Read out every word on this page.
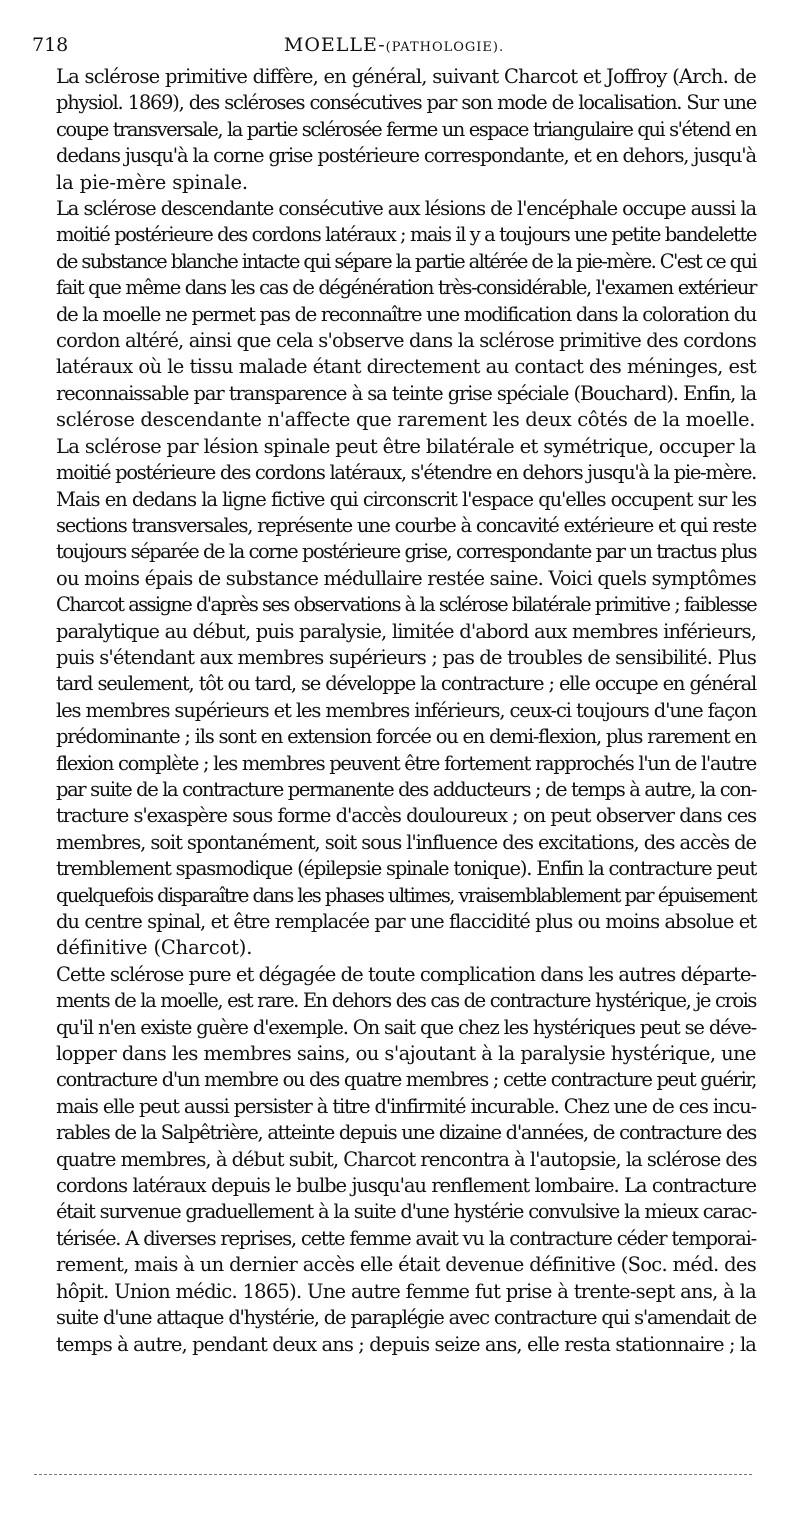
718	MOELLE-(PATHOLOGIE).
La sclérose primitive diffère, en général, suivant Charcot et Joffroy (Arch. de
physiol. 1869), des scléroses consécutives par son mode de localisation. Sur une
coupe transversale, la partie sclérosée ferme un espace triangulaire qui s'étend en
dedans jusqu'à la corne grise postérieure correspondante, et en dehors, jusqu'à
la pie-mère spinale.
La sclérose descendante consécutive aux lésions de l'encéphale occupe aussi la
moitié postérieure des cordons latéraux ; mais il y a toujours une petite bandelette
de substance blanche intacte qui sépare la partie altérée de la pie-mère. C'est ce qui
fait que même dans les cas de dégénération très-considérable, l'examen extérieur
de la moelle ne permet pas de reconnaître une modification dans la coloration du
cordon altéré, ainsi que cela s'observe dans la sclérose primitive des cordons
latéraux où le tissu malade étant directement au contact des méninges, est
reconnaissable par transparence à sa teinte grise spéciale (Bouchard). Enfin, la
sclérose descendante n'affecte que rarement les deux côtés de la moelle.
La sclérose par lésion spinale peut être bilatérale et symétrique, occuper la
moitié postérieure des cordons latéraux, s'étendre en dehors jusqu'à la pie-mère.
Mais en dedans la ligne fictive qui circonscrit l'espace qu'elles occupent sur les
sections transversales, représente une courbe à concavité extérieure et qui reste
toujours séparée de la corne postérieure grise, correspondante par un tractus plus
ou moins épais de substance médullaire restée saine. Voici quels symptômes
Charcot assigne d'après ses observations à la sclérose bilatérale primitive ; faiblesse
paralytique au début, puis paralysie, limitée d'abord aux membres inférieurs,
puis s'étendant aux membres supérieurs ; pas de troubles de sensibilité. Plus
tard seulement, tôt ou tard, se développe la contracture ; elle occupe en général
les membres supérieurs et les membres inférieurs, ceux-ci toujours d'une façon
prédominante ; ils sont en extension forcée ou en demi-flexion, plus rarement en
flexion complète ; les membres peuvent être fortement rapprochés l'un de l'autre
par suite de la contracture permanente des adducteurs ; de temps à autre, la con-
tracture s'exaspère sous forme d'accès douloureux ; on peut observer dans ces
membres, soit spontanément, soit sous l'influence des excitations, des accès de
tremblement spasmodique (épilepsie spinale tonique). Enfin la contracture peut
quelquefois disparaître dans les phases ultimes, vraisemblablement par épuisement
du centre spinal, et être remplacée par une flaccidité plus ou moins absolue et
définitive (Charcot).
Cette sclérose pure et dégagée de toute complication dans les autres départe-
ments de la moelle, est rare. En dehors des cas de contracture hystérique, je crois
qu'il n'en existe guère d'exemple. On sait que chez les hystériques peut se déve-
lopper dans les membres sains, ou s'ajoutant à la paralysie hystérique, une
contracture d'un membre ou des quatre membres ; cette contracture peut guérir,
mais elle peut aussi persister à titre d'infirmité incurable. Chez une de ces incu-
rables de la Salpêtrière, atteinte depuis une dizaine d'années, de contracture des
quatre membres, à début subit, Charcot rencontra à l'autopsie, la sclérose des
cordons latéraux depuis le bulbe jusqu'au renflement lombaire. La contracture
était survenue graduellement à la suite d'une hystérie convulsive la mieux carac-
térisée. A diverses reprises, cette femme avait vu la contracture céder temporai-
rement, mais à un dernier accès elle était devenue définitive (Soc. méd. des
hôpit. Union médic. 1865). Une autre femme fut prise à trente-sept ans, à la
suite d'une attaque d'hystérie, de paraplégie avec contracture qui s'amendait de
temps à autre, pendant deux ans ; depuis seize ans, elle resta stationnaire ; la
